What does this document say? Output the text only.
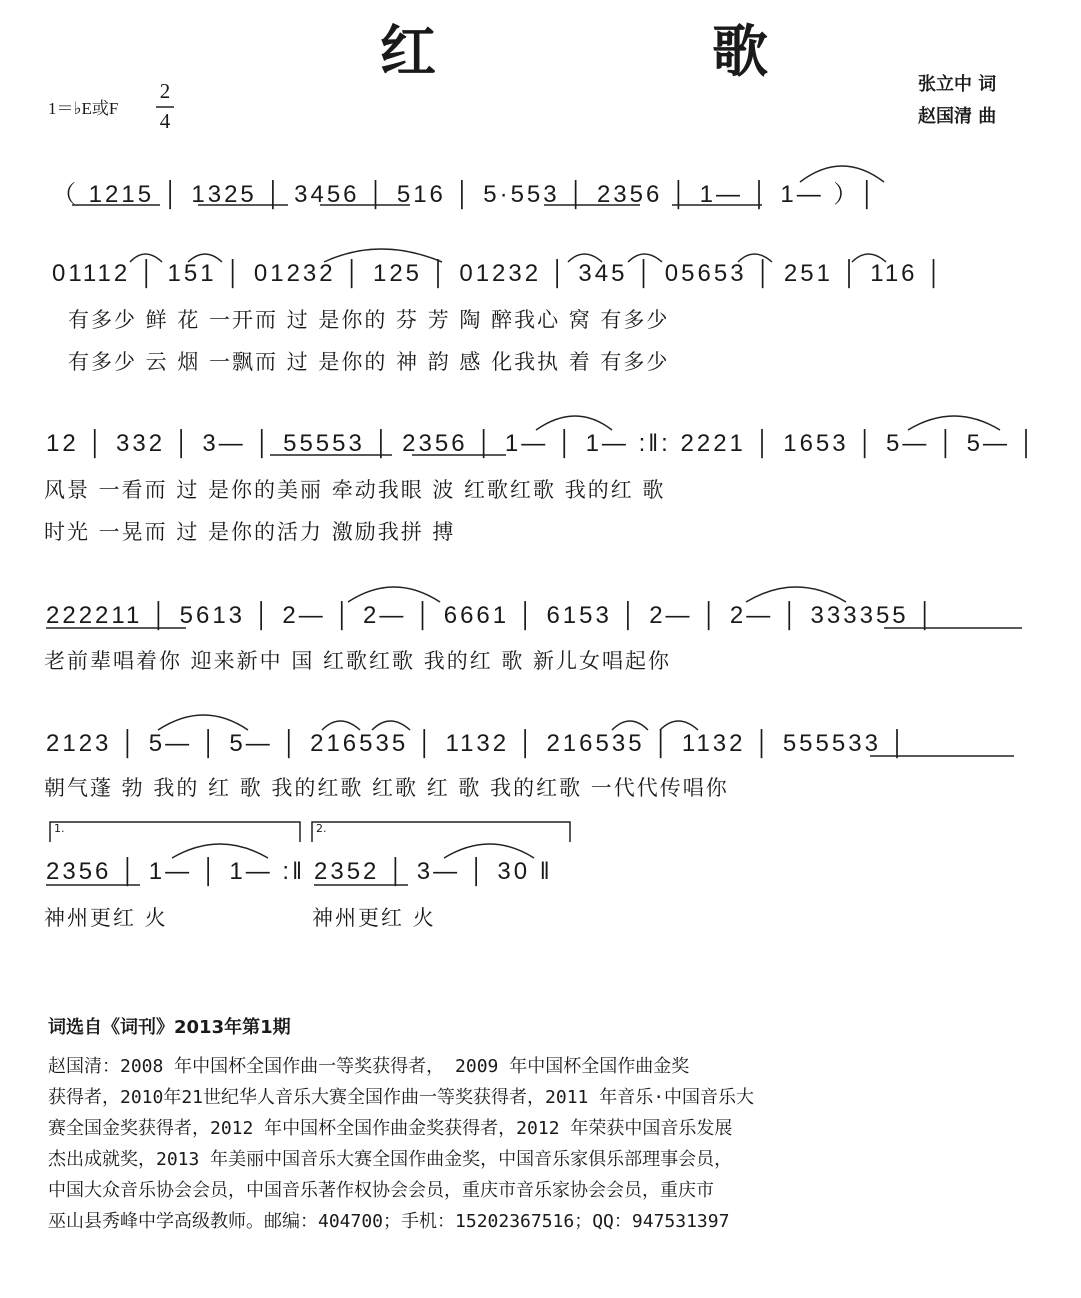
红　歌
1＝♭E或F
2
4
张立中 词
赵国清 曲
（ 1215 │ 1325 │ 3456 │ 516 │ 5·553 │ 2356 │ 1— │ 1— ）│
01112 │ 151 │ 01232 │ 125 │ 01232 │ 345 │ 05653 │ 251 │ 116 │
有多少 鲜 花 一开而 过 是你的 芬 芳 陶 醉我心 窝 有多少
有多少 云 烟 一飘而 过 是你的 神 韵 感 化我执 着 有多少
12 │ 332 │ 3— │ 55553 │ 2356 │ 1— │ 1— :‖: 2221 │ 1653 │ 5— │ 5— │
风景 一看而 过 是你的美丽 牵动我眼 波 红歌红歌 我的红 歌
时光 一晃而 过 是你的活力 激励我拼 搏
222211 │ 5613 │ 2— │ 2— │ 6661 │ 6153 │ 2— │ 2— │ 333355 │
老前辈唱着你 迎来新中 国 红歌红歌 我的红 歌 新儿女唱起你
2123 │ 5— │ 5— │ 216535 │ 1132 │ 216535 │ 1132 │ 555533 │
朝气蓬 勃 我的 红 歌 我的红歌 红歌 红 歌 我的红歌 一代代传唱你
1.	2.
2356 │ 1— │ 1— :‖ 2352 │ 3— │ 30 ‖
神州更红 火	神州更红 火
词选自《词刊》2013年第1期
赵国清：2008 年中国杯全国作曲一等奖获得者， 2009 年中国杯全国作曲金奖
获得者，2010年21世纪华人音乐大赛全国作曲一等奖获得者，2011 年音乐·中国音乐大
赛全国金奖获得者，2012 年中国杯全国作曲金奖获得者，2012 年荣获中国音乐发展
杰出成就奖，2013 年美丽中国音乐大赛全国作曲金奖，中国音乐家俱乐部理事会员，
中国大众音乐协会会员，中国音乐著作权协会会员，重庆市音乐家协会会员，重庆市
巫山县秀峰中学高级教师。邮编：404700；手机：15202367516；QQ：947531397
